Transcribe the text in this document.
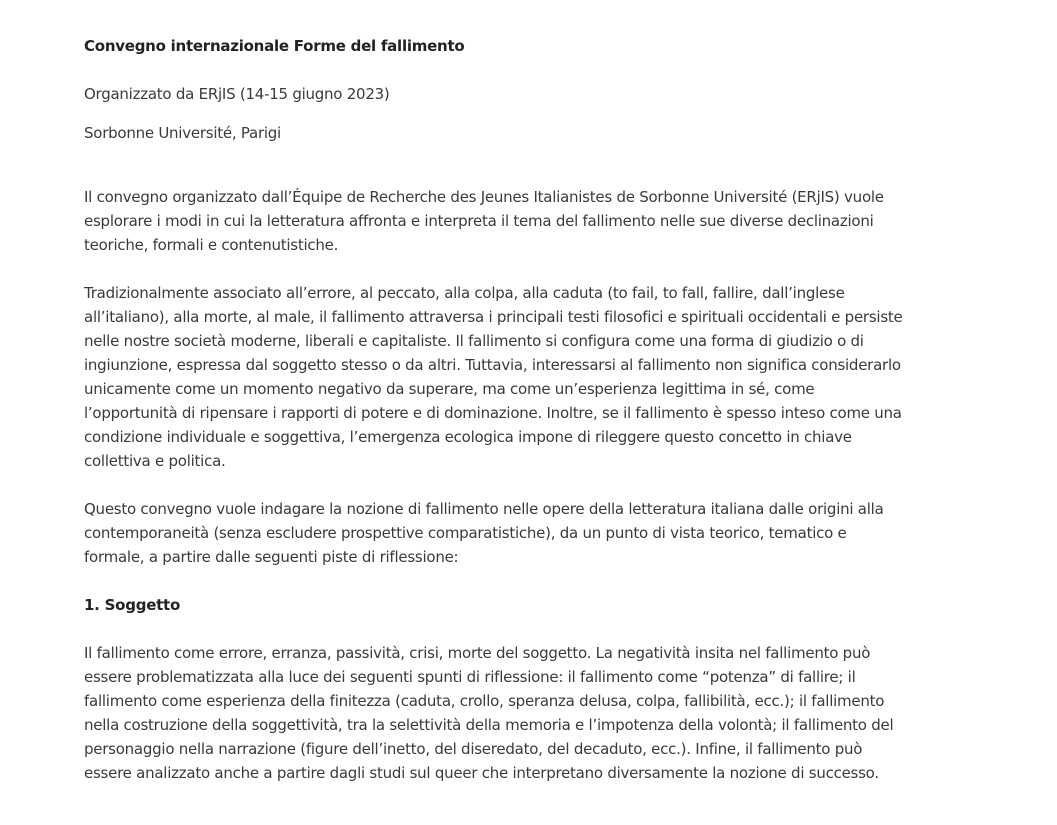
Convegno internazionale Forme del fallimento

Organizzato da ERjIS (14-15 giugno 2023)

Sorbonne Université, Parigi

Il convegno organizzato dall’Équipe de Recherche des Jeunes Italianistes de Sorbonne Université (ERjIS) vuole esplorare i modi in cui la letteratura affronta e interpreta il tema del fallimento nelle sue diverse declinazioni teoriche, formali e contenutistiche.

Tradizionalmente associato all’errore, al peccato, alla colpa, alla caduta (to fail, to fall, fallire, dall’inglese all’italiano), alla morte, al male, il fallimento attraversa i principali testi filosofici e spirituali occidentali e persiste nelle nostre società moderne, liberali e capitaliste. Il fallimento si configura come una forma di giudizio o di ingiunzione, espressa dal soggetto stesso o da altri. Tuttavia, interessarsi al fallimento non significa considerarlo unicamente come un momento negativo da superare, ma come un’esperienza legittima in sé, come l’opportunità di ripensare i rapporti di potere e di dominazione. Inoltre, se il fallimento è spesso inteso come una condizione individuale e soggettiva, l’emergenza ecologica impone di rileggere questo concetto in chiave collettiva e politica.

Questo convegno vuole indagare la nozione di fallimento nelle opere della letteratura italiana dalle origini alla contemporaneità (senza escludere prospettive comparatistiche), da un punto di vista teorico, tematico e formale, a partire dalle seguenti piste di riflessione:

1. Soggetto

Il fallimento come errore, erranza, passività, crisi, morte del soggetto. La negatività insita nel fallimento può essere problematizzata alla luce dei seguenti spunti di riflessione: il fallimento come “potenza” di fallire; il fallimento come esperienza della finitezza (caduta, crollo, speranza delusa, colpa, fallibilità, ecc.); il fallimento nella costruzione della soggettività, tra la selettività della memoria e l’impotenza della volontà; il fallimento del personaggio nella narrazione (figure dell’inetto, del diseredato, del decaduto, ecc.). Infine, il fallimento può essere analizzato anche a partire dagli studi sul queer che interpretano diversamente la nozione di successo.
